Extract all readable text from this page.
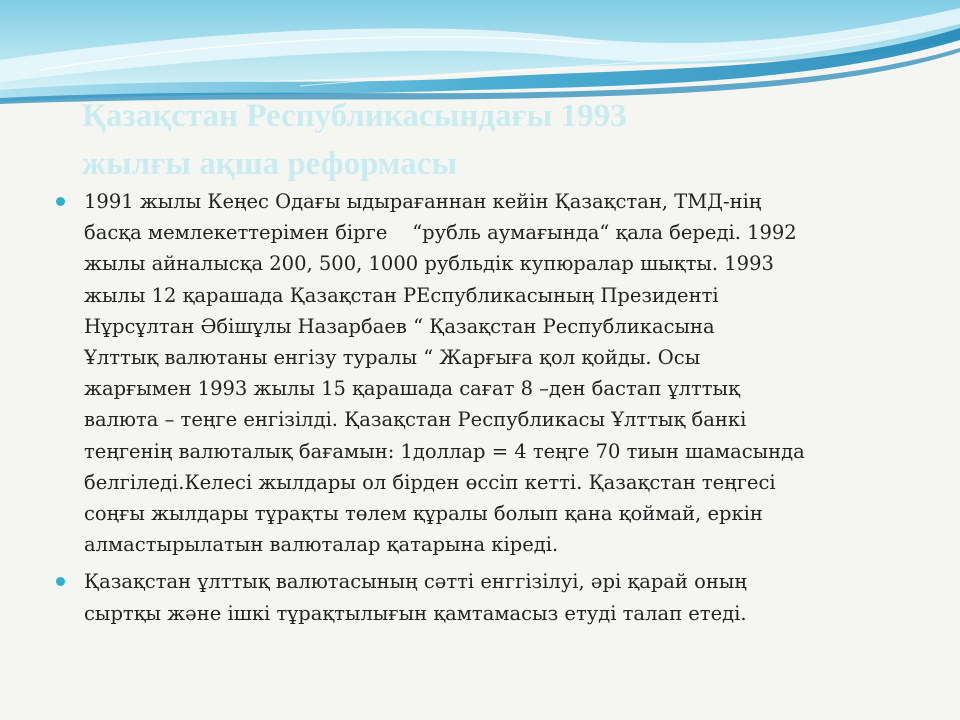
Қазақстан Республикасындағы 1993
жылғы ақша реформасы
1991 жылы Кеңес Одағы ыдырағаннан кейін Қазақстан, ТМД-нің
басқа мемлекеттерімен бірге    “рубль аумағында“ қала береді. 1992
жылы айналысқа 200, 500, 1000 рубльдік купюралар шықты. 1993
жылы 12 қарашада Қазақстан РЕспубликасының Президенті
Нұрсұлтан Әбішұлы Назарбаев “ Қазақстан Республикасына
Ұлттық валютаны енгізу туралы “ Жарғыға қол қойды. Осы
жарғымен 1993 жылы 15 қарашада сағат 8 –ден бастап ұлттық
валюта – теңге енгізілді. Қазақстан Республикасы Ұлттық банкі
теңгенің валюталық бағамын: 1доллар = 4 теңге 70 тиын шамасында
белгіледі.Келесі жылдары ол бірден өссіп кетті. Қазақстан теңгесі
соңғы жылдары тұрақты төлем құралы болып қана қоймай, еркін
алмастырылатын валюталар қатарына кіреді.
Қазақстан ұлттық валютасының сәтті енггізілуі, әрі қарай оның
сыртқы және ішкі тұрақтылығын қамтамасыз етуді талап етеді.
